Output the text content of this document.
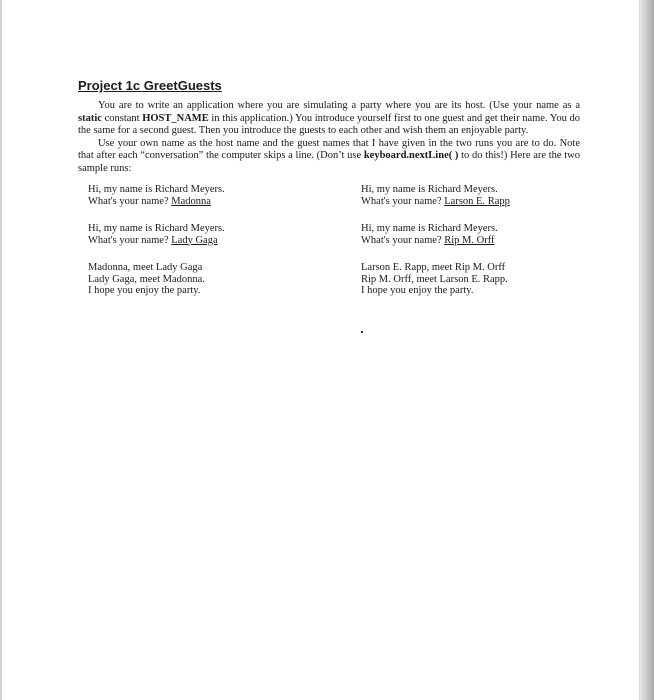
Project 1c GreetGuests

You are to write an application where you are simulating a party where you are its host. (Use your name as a static constant HOST_NAME in this application.) You introduce yourself first to one guest and get their name. You do the same for a second guest. Then you introduce the guests to each other and wish them an enjoyable party.

Use your own name as the host name and the guest names that I have given in the two runs you are to do. Note that after each “conversation” the computer skips a line. (Don’t use keyboard.nextLine( ) to do this!) Here are the two sample runs:

Hi, my name is Richard Meyers.
What's your name? Madonna
Hi, my name is Richard Meyers.
What's your name? Lady Gaga
Madonna, meet Lady Gaga
Lady Gaga, meet Madonna.
I hope you enjoy the party.
Hi, my name is Richard Meyers.
What's your name? Larson E. Rapp
Hi, my name is Richard Meyers.
What's your name? Rip M. Orff
Larson E. Rapp, meet Rip M. Orff
Rip M. Orff, meet Larson E. Rapp.
I hope you enjoy the party.
